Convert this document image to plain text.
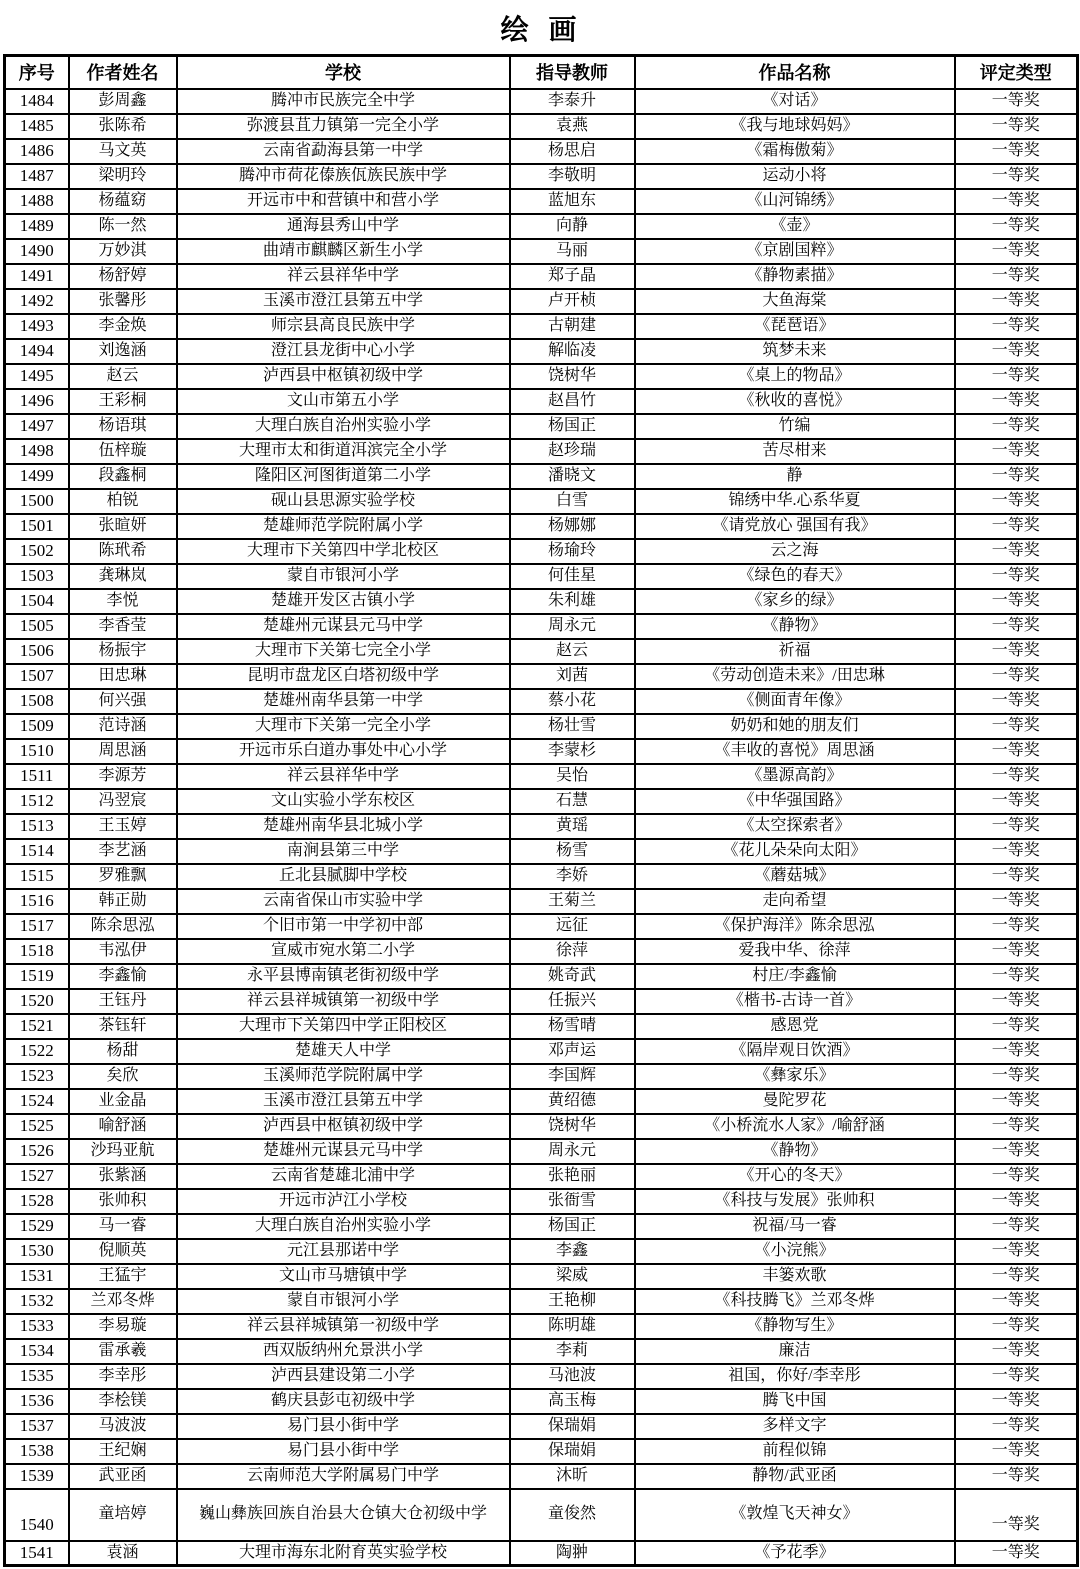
绘  画
序号	作者姓名	学校	指导教师	作品名称	评定类型
1484	彭周鑫	腾冲市民族完全中学	李泰升	《对话》	一等奖
1485	张陈希	弥渡县苴力镇第一完全小学	袁燕	《我与地球妈妈》	一等奖
1486	马文英	云南省勐海县第一中学	杨思启	《霜梅傲菊》	一等奖
1487	梁明玲	腾冲市荷花傣族佤族民族中学	李敬明	运动小将	一等奖
1488	杨蕴窈	开远市中和营镇中和营小学	蓝旭东	《山河锦绣》	一等奖
1489	陈一然	通海县秀山中学	向静	《壶》	一等奖
1490	万妙淇	曲靖市麒麟区新生小学	马丽	《京剧国粹》	一等奖
1491	杨舒婷	祥云县祥华中学	郑子晶	《静物素描》	一等奖
1492	张馨彤	玉溪市澄江县第五中学	卢开桢	大鱼海棠	一等奖
1493	李金焕	师宗县高良民族中学	古朝建	《琵琶语》	一等奖
1494	刘逸涵	澄江县龙街中心小学	解临凌	筑梦未来	一等奖
1495	赵云	泸西县中枢镇初级中学	饶树华	《桌上的物品》	一等奖
1496	王彩桐	文山市第五小学	赵昌竹	《秋收的喜悦》	一等奖
1497	杨语琪	大理白族自治州实验小学	杨国正	竹编	一等奖
1498	伍梓璇	大理市太和街道洱滨完全小学	赵珍瑞	苦尽柑来	一等奖
1499	段鑫桐	隆阳区河图街道第二小学	潘晓文	静	一等奖
1500	柏锐	砚山县思源实验学校	白雪	锦绣中华.心系华夏	一等奖
1501	张暄妍	楚雄师范学院附属小学	杨娜娜	《请党放心 强国有我》	一等奖
1502	陈玳希	大理市下关第四中学北校区	杨瑜玲	云之海	一等奖
1503	龚琳岚	蒙自市银河小学	何佳星	《绿色的春天》	一等奖
1504	李悦	楚雄开发区古镇小学	朱利雄	《家乡的绿》	一等奖
1505	李香莹	楚雄州元谋县元马中学	周永元	《静物》	一等奖
1506	杨振宇	大理市下关第七完全小学	赵云	祈福	一等奖
1507	田忠琳	昆明市盘龙区白塔初级中学	刘茜	《劳动创造未来》/田忠琳	一等奖
1508	何兴强	楚雄州南华县第一中学	蔡小花	《侧面青年像》	一等奖
1509	范诗涵	大理市下关第一完全小学	杨壮雪	奶奶和她的朋友们	一等奖
1510	周思涵	开远市乐白道办事处中心小学	李蒙杉	《丰收的喜悦》周思涵	一等奖
1511	李源芳	祥云县祥华中学	吴怡	《墨源高韵》	一等奖
1512	冯翌宸	文山实验小学东校区	石慧	《中华强国路》	一等奖
1513	王玉婷	楚雄州南华县北城小学	黄瑶	《太空探索者》	一等奖
1514	李艺涵	南涧县第三中学	杨雪	《花儿朵朵向太阳》	一等奖
1515	罗雅飘	丘北县腻脚中学校	李娇	《蘑菇城》	一等奖
1516	韩正勋	云南省保山市实验中学	王菊兰	走向希望	一等奖
1517	陈余思泓	个旧市第一中学初中部	远征	《保护海洋》陈余思泓	一等奖
1518	韦泓伊	宣威市宛水第二小学	徐萍	爱我中华、徐萍	一等奖
1519	李鑫愉	永平县博南镇老街初级中学	姚奇武	村庄/李鑫愉	一等奖
1520	王钰丹	祥云县祥城镇第一初级中学	任振兴	《楷书-古诗一首》	一等奖
1521	茶钰轩	大理市下关第四中学正阳校区	杨雪晴	感恩党	一等奖
1522	杨甜	楚雄天人中学	邓声运	《隔岸观日饮酒》	一等奖
1523	矣欣	玉溪师范学院附属中学	李国辉	《彝家乐》	一等奖
1524	业金晶	玉溪市澄江县第五中学	黄绍德	曼陀罗花	一等奖
1525	喻舒涵	泸西县中枢镇初级中学	饶树华	《小桥流水人家》/喻舒涵	一等奖
1526	沙玛亚航	楚雄州元谋县元马中学	周永元	《静物》	一等奖
1527	张紫涵	云南省楚雄北浦中学	张艳丽	《开心的冬天》	一等奖
1528	张帅积	开远市泸江小学校	张衙雪	《科技与发展》张帅积	一等奖
1529	马一睿	大理白族自治州实验小学	杨国正	祝福/马一睿	一等奖
1530	倪顺英	元江县那诺中学	李鑫	《小浣熊》	一等奖
1531	王猛宇	文山市马塘镇中学	梁威	丰篓欢歌	一等奖
1532	兰邓冬烨	蒙自市银河小学	王艳柳	《科技腾飞》兰邓冬烨	一等奖
1533	李易璇	祥云县祥城镇第一初级中学	陈明雄	《静物写生》	一等奖
1534	雷承羲	西双版纳州允景洪小学	李莉	廉洁	一等奖
1535	李幸彤	泸西县建设第二小学	马池波	祖国，你好/李幸彤	一等奖
1536	李桧镁	鹤庆县彭屯初级中学	高玉梅	腾飞中国	一等奖
1537	马波波	易门县小街中学	保瑞娟	多样文字	一等奖
1538	王纪娴	易门县小街中学	保瑞娟	前程似锦	一等奖
1539	武亚函	云南师范大学附属易门中学	沐昕	静物/武亚函	一等奖
1540	童培婷	巍山彝族回族自治县大仓镇大仓初级中学	童俊然	《敦煌飞天神女》	一等奖
1541	袁涵	大理市海东北附育英实验学校	陶翀	《予花季》	一等奖
